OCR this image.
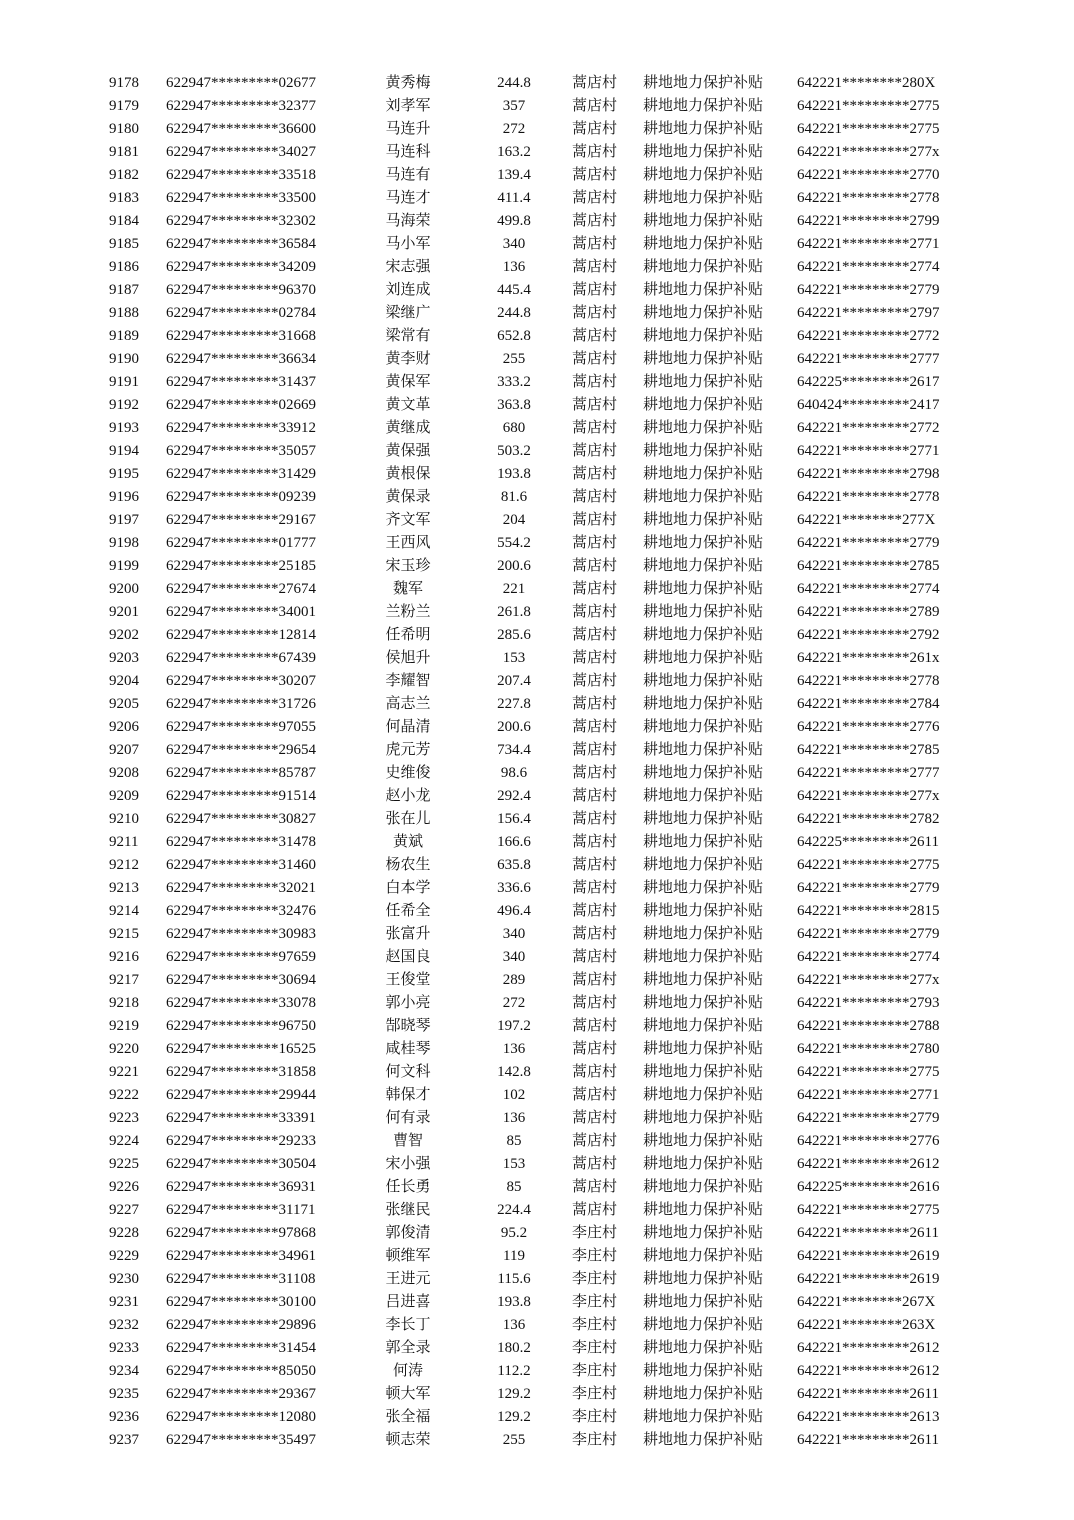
9178 622947*********02677	黄秀梅	244.8	蒿店村 耕地地力保护补贴 642221********280X
9179 622947*********32377	刘孝军	357	蒿店村 耕地地力保护补贴 642221*********2775
9180 622947*********36600	马连升	272	蒿店村 耕地地力保护补贴 642221*********2775
9181 622947*********34027	马连科	163.2	蒿店村 耕地地力保护补贴 642221*********277x
9182 622947*********33518	马连有	139.4	蒿店村 耕地地力保护补贴 642221*********2770
9183 622947*********33500	马连才	411.4	蒿店村 耕地地力保护补贴 642221*********2778
9184 622947*********32302	马海荣	499.8	蒿店村 耕地地力保护补贴 642221*********2799
9185 622947*********36584	马小军	340	蒿店村 耕地地力保护补贴 642221*********2771
9186 622947*********34209	宋志强	136	蒿店村 耕地地力保护补贴 642221*********2774
9187 622947*********96370	刘连成	445.4	蒿店村 耕地地力保护补贴 642221*********2779
9188 622947*********02784	梁继广	244.8	蒿店村 耕地地力保护补贴 642221*********2797
9189 622947*********31668	梁常有	652.8	蒿店村 耕地地力保护补贴 642221*********2772
9190 622947*********36634	黄李财	255	蒿店村 耕地地力保护补贴 642221*********2777
9191 622947*********31437	黄保军	333.2	蒿店村 耕地地力保护补贴 642225*********2617
9192 622947*********02669	黄文革	363.8	蒿店村 耕地地力保护补贴 640424*********2417
9193 622947*********33912	黄继成	680	蒿店村 耕地地力保护补贴 642221*********2772
9194 622947*********35057	黄保强	503.2	蒿店村 耕地地力保护补贴 642221*********2771
9195 622947*********31429	黄根保	193.8	蒿店村 耕地地力保护补贴 642221*********2798
9196 622947*********09239	黄保录	81.6	蒿店村 耕地地力保护补贴 642221*********2778
9197 622947*********29167	齐文军	204	蒿店村 耕地地力保护补贴 642221********277X
9198 622947*********01777	王西风	554.2	蒿店村 耕地地力保护补贴 642221*********2779
9199 622947*********25185	宋玉珍	200.6	蒿店村 耕地地力保护补贴 642221*********2785
9200 622947*********27674	魏军	221	蒿店村 耕地地力保护补贴 642221*********2774
9201 622947*********34001	兰粉兰	261.8	蒿店村 耕地地力保护补贴 642221*********2789
9202 622947*********12814	任希明	285.6	蒿店村 耕地地力保护补贴 642221*********2792
9203 622947*********67439	侯旭升	153	蒿店村 耕地地力保护补贴 642221*********261x
9204 622947*********30207	李耀智	207.4	蒿店村 耕地地力保护补贴 642221*********2778
9205 622947*********31726	高志兰	227.8	蒿店村 耕地地力保护补贴 642221*********2784
9206 622947*********97055	何晶清	200.6	蒿店村 耕地地力保护补贴 642221*********2776
9207 622947*********29654	虎元芳	734.4	蒿店村 耕地地力保护补贴 642221*********2785
9208 622947*********85787	史维俊	98.6	蒿店村 耕地地力保护补贴 642221*********2777
9209 622947*********91514	赵小龙	292.4	蒿店村 耕地地力保护补贴 642221*********277x
9210 622947*********30827	张在儿	156.4	蒿店村 耕地地力保护补贴 642221*********2782
9211 622947*********31478	黄斌	166.6	蒿店村 耕地地力保护补贴 642225*********2611
9212 622947*********31460	杨农生	635.8	蒿店村 耕地地力保护补贴 642221*********2775
9213 622947*********32021	白本学	336.6	蒿店村 耕地地力保护补贴 642221*********2779
9214 622947*********32476	任希全	496.4	蒿店村 耕地地力保护补贴 642221*********2815
9215 622947*********30983	张富升	340	蒿店村 耕地地力保护补贴 642221*********2779
9216 622947*********97659	赵国良	340	蒿店村 耕地地力保护补贴 642221*********2774
9217 622947*********30694	王俊堂	289	蒿店村 耕地地力保护补贴 642221*********277x
9218 622947*********33078	郭小亮	272	蒿店村 耕地地力保护补贴 642221*********2793
9219 622947*********96750	郜晓琴	197.2	蒿店村 耕地地力保护补贴 642221*********2788
9220 622947*********16525	咸桂琴	136	蒿店村 耕地地力保护补贴 642221*********2780
9221 622947*********31858	何文科	142.8	蒿店村 耕地地力保护补贴 642221*********2775
9222 622947*********29944	韩保才	102	蒿店村 耕地地力保护补贴 642221*********2771
9223 622947*********33391	何有录	136	蒿店村 耕地地力保护补贴 642221*********2779
9224 622947*********29233	曹智	85	蒿店村 耕地地力保护补贴 642221*********2776
9225 622947*********30504	宋小强	153	蒿店村 耕地地力保护补贴 642221*********2612
9226 622947*********36931	任长勇	85	蒿店村 耕地地力保护补贴 642225*********2616
9227 622947*********31171	张继民	224.4	蒿店村 耕地地力保护补贴 642221*********2775
9228 622947*********97868	郭俊清	95.2	李庄村 耕地地力保护补贴 642221*********2611
9229 622947*********34961	顿维军	119	李庄村 耕地地力保护补贴 642221*********2619
9230 622947*********31108	王进元	115.6	李庄村 耕地地力保护补贴 642221*********2619
9231 622947*********30100	吕进喜	193.8	李庄村 耕地地力保护补贴 642221********267X
9232 622947*********29896	李长丁	136	李庄村 耕地地力保护补贴 642221********263X
9233 622947*********31454	郭全录	180.2	李庄村 耕地地力保护补贴 642221*********2612
9234 622947*********85050	何涛	112.2	李庄村 耕地地力保护补贴 642221*********2612
9235 622947*********29367	顿大军	129.2	李庄村 耕地地力保护补贴 642221*********2611
9236 622947*********12080	张全福	129.2	李庄村 耕地地力保护补贴 642221*********2613
9237 622947*********35497	顿志荣	255	李庄村 耕地地力保护补贴 642221*********2611
